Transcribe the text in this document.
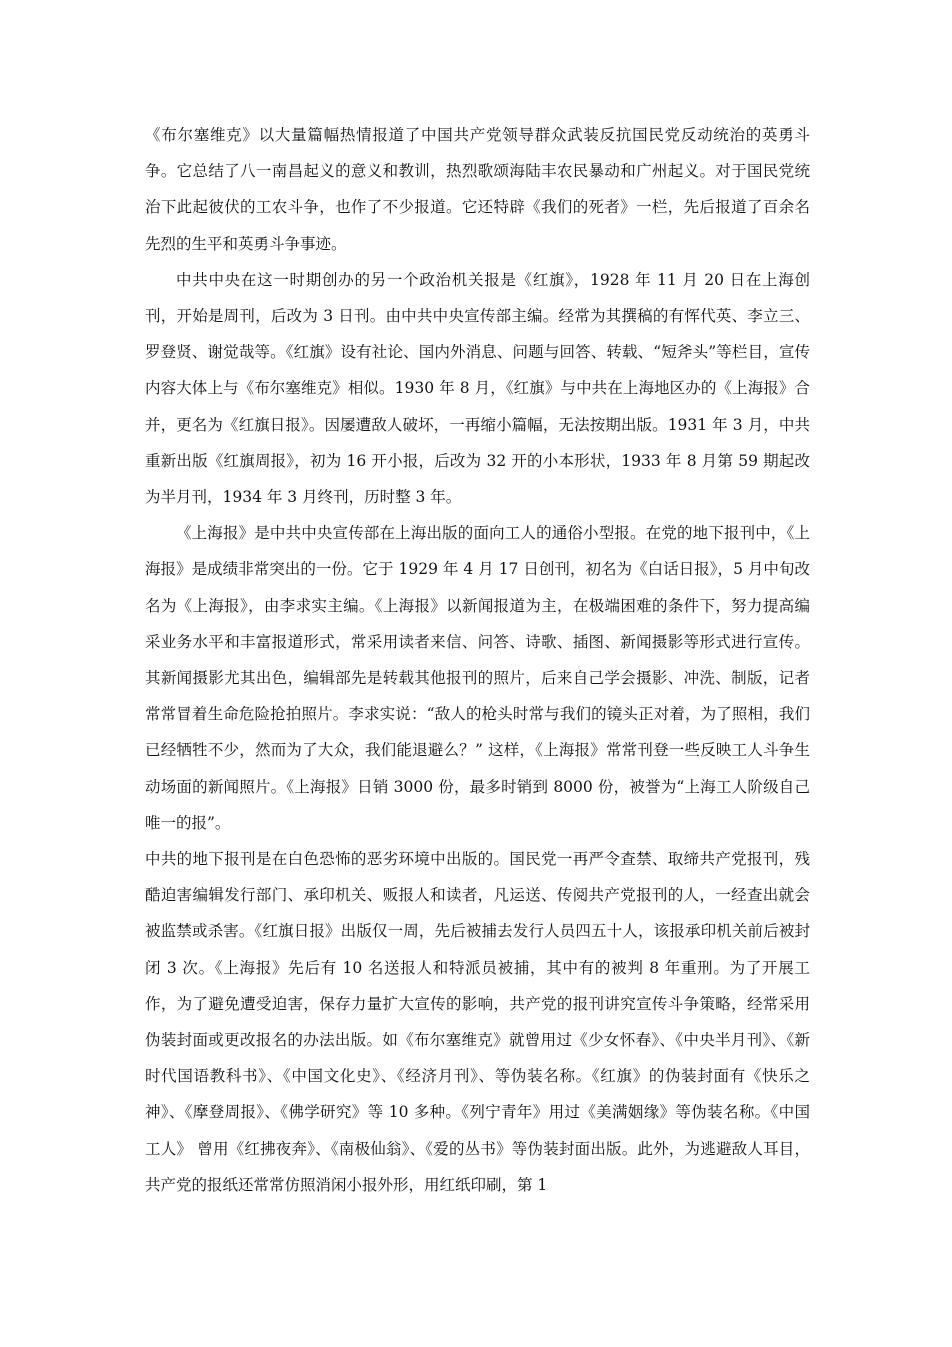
《布尔塞维克》以大量篇幅热情报道了中国共产党领导群众武装反抗国民党反动统治的英勇斗争。它总结了八一南昌起义的意义和教训，热烈歌颂海陆丰农民暴动和广州起义。对于国民党统治下此起彼伏的工农斗争，也作了不少报道。它还特辟《我们的死者》一栏，先后报道了百余名先烈的生平和英勇斗争事迹。

中共中央在这一时期创办的另一个政治机关报是《红旗》，1928 年 11 月 20 日在上海创刊，开始是周刊，后改为 3 日刊。由中共中央宣传部主编。经常为其撰稿的有恽代英、李立三、罗登贤、谢觉哉等。《红旗》设有社论、国内外消息、问题与回答、转载、“短斧头”等栏目，宣传内容大体上与《布尔塞维克》相似。1930 年 8 月，《红旗》与中共在上海地区办的《上海报》合并，更名为《红旗日报》。因屡遭敌人破坏，一再缩小篇幅，无法按期出版。1931 年 3 月，中共重新出版《红旗周报》，初为 16 开小报，后改为 32 开的小本形状，1933 年 8 月第 59 期起改为半月刊，1934 年 3 月终刊，历时整 3 年。

《上海报》是中共中央宣传部在上海出版的面向工人的通俗小型报。在党的地下报刊中，《上海报》是成绩非常突出的一份。它于 1929 年 4 月 17 日创刊，初名为《白话日报》，5 月中旬改名为《上海报》，由李求实主编。《上海报》以新闻报道为主，在极端困难的条件下，努力提高编采业务水平和丰富报道形式，常采用读者来信、问答、诗歌、插图、新闻摄影等形式进行宣传。其新闻摄影尤其出色，编辑部先是转载其他报刊的照片，后来自己学会摄影、冲洗、制版，记者常常冒着生命危险抢拍照片。李求实说：“敌人的枪头时常与我们的镜头正对着，为了照相，我们已经牺牲不少，然而为了大众，我们能退避么？” 这样，《上海报》常常刊登一些反映工人斗争生动场面的新闻照片。《上海报》日销 3000 份，最多时销到 8000 份，被誉为“上海工人阶级自己唯一的报”。

中共的地下报刊是在白色恐怖的恶劣环境中出版的。国民党一再严令查禁、取缔共产党报刊，残酷迫害编辑发行部门、承印机关、贩报人和读者，凡运送、传阅共产党报刊的人，一经查出就会被监禁或杀害。《红旗日报》出版仅一周，先后被捕去发行人员四五十人，该报承印机关前后被封闭 3 次。《上海报》先后有 10 名送报人和特派员被捕，其中有的被判 8 年重刑。为了开展工作，为了避免遭受迫害，保存力量扩大宣传的影响，共产党的报刊讲究宣传斗争策略，经常采用伪装封面或更改报名的办法出版。如《布尔塞维克》就曾用过《少女怀春》、《中央半月刊》、《新时代国语教科书》、《中国文化史》、《经济月刊》、等伪装名称。《红旗》的伪装封面有《快乐之神》、《摩登周报》、《佛学研究》等 10 多种。《列宁青年》用过《美满姻缘》等伪装名称。《中国工人》 曾用《红拂夜奔》、《南极仙翁》、《爱的丛书》等伪装封面出版。此外，为逃避敌人耳目，共产党的报纸还常常仿照消闲小报外形，用红纸印刷，第 1
